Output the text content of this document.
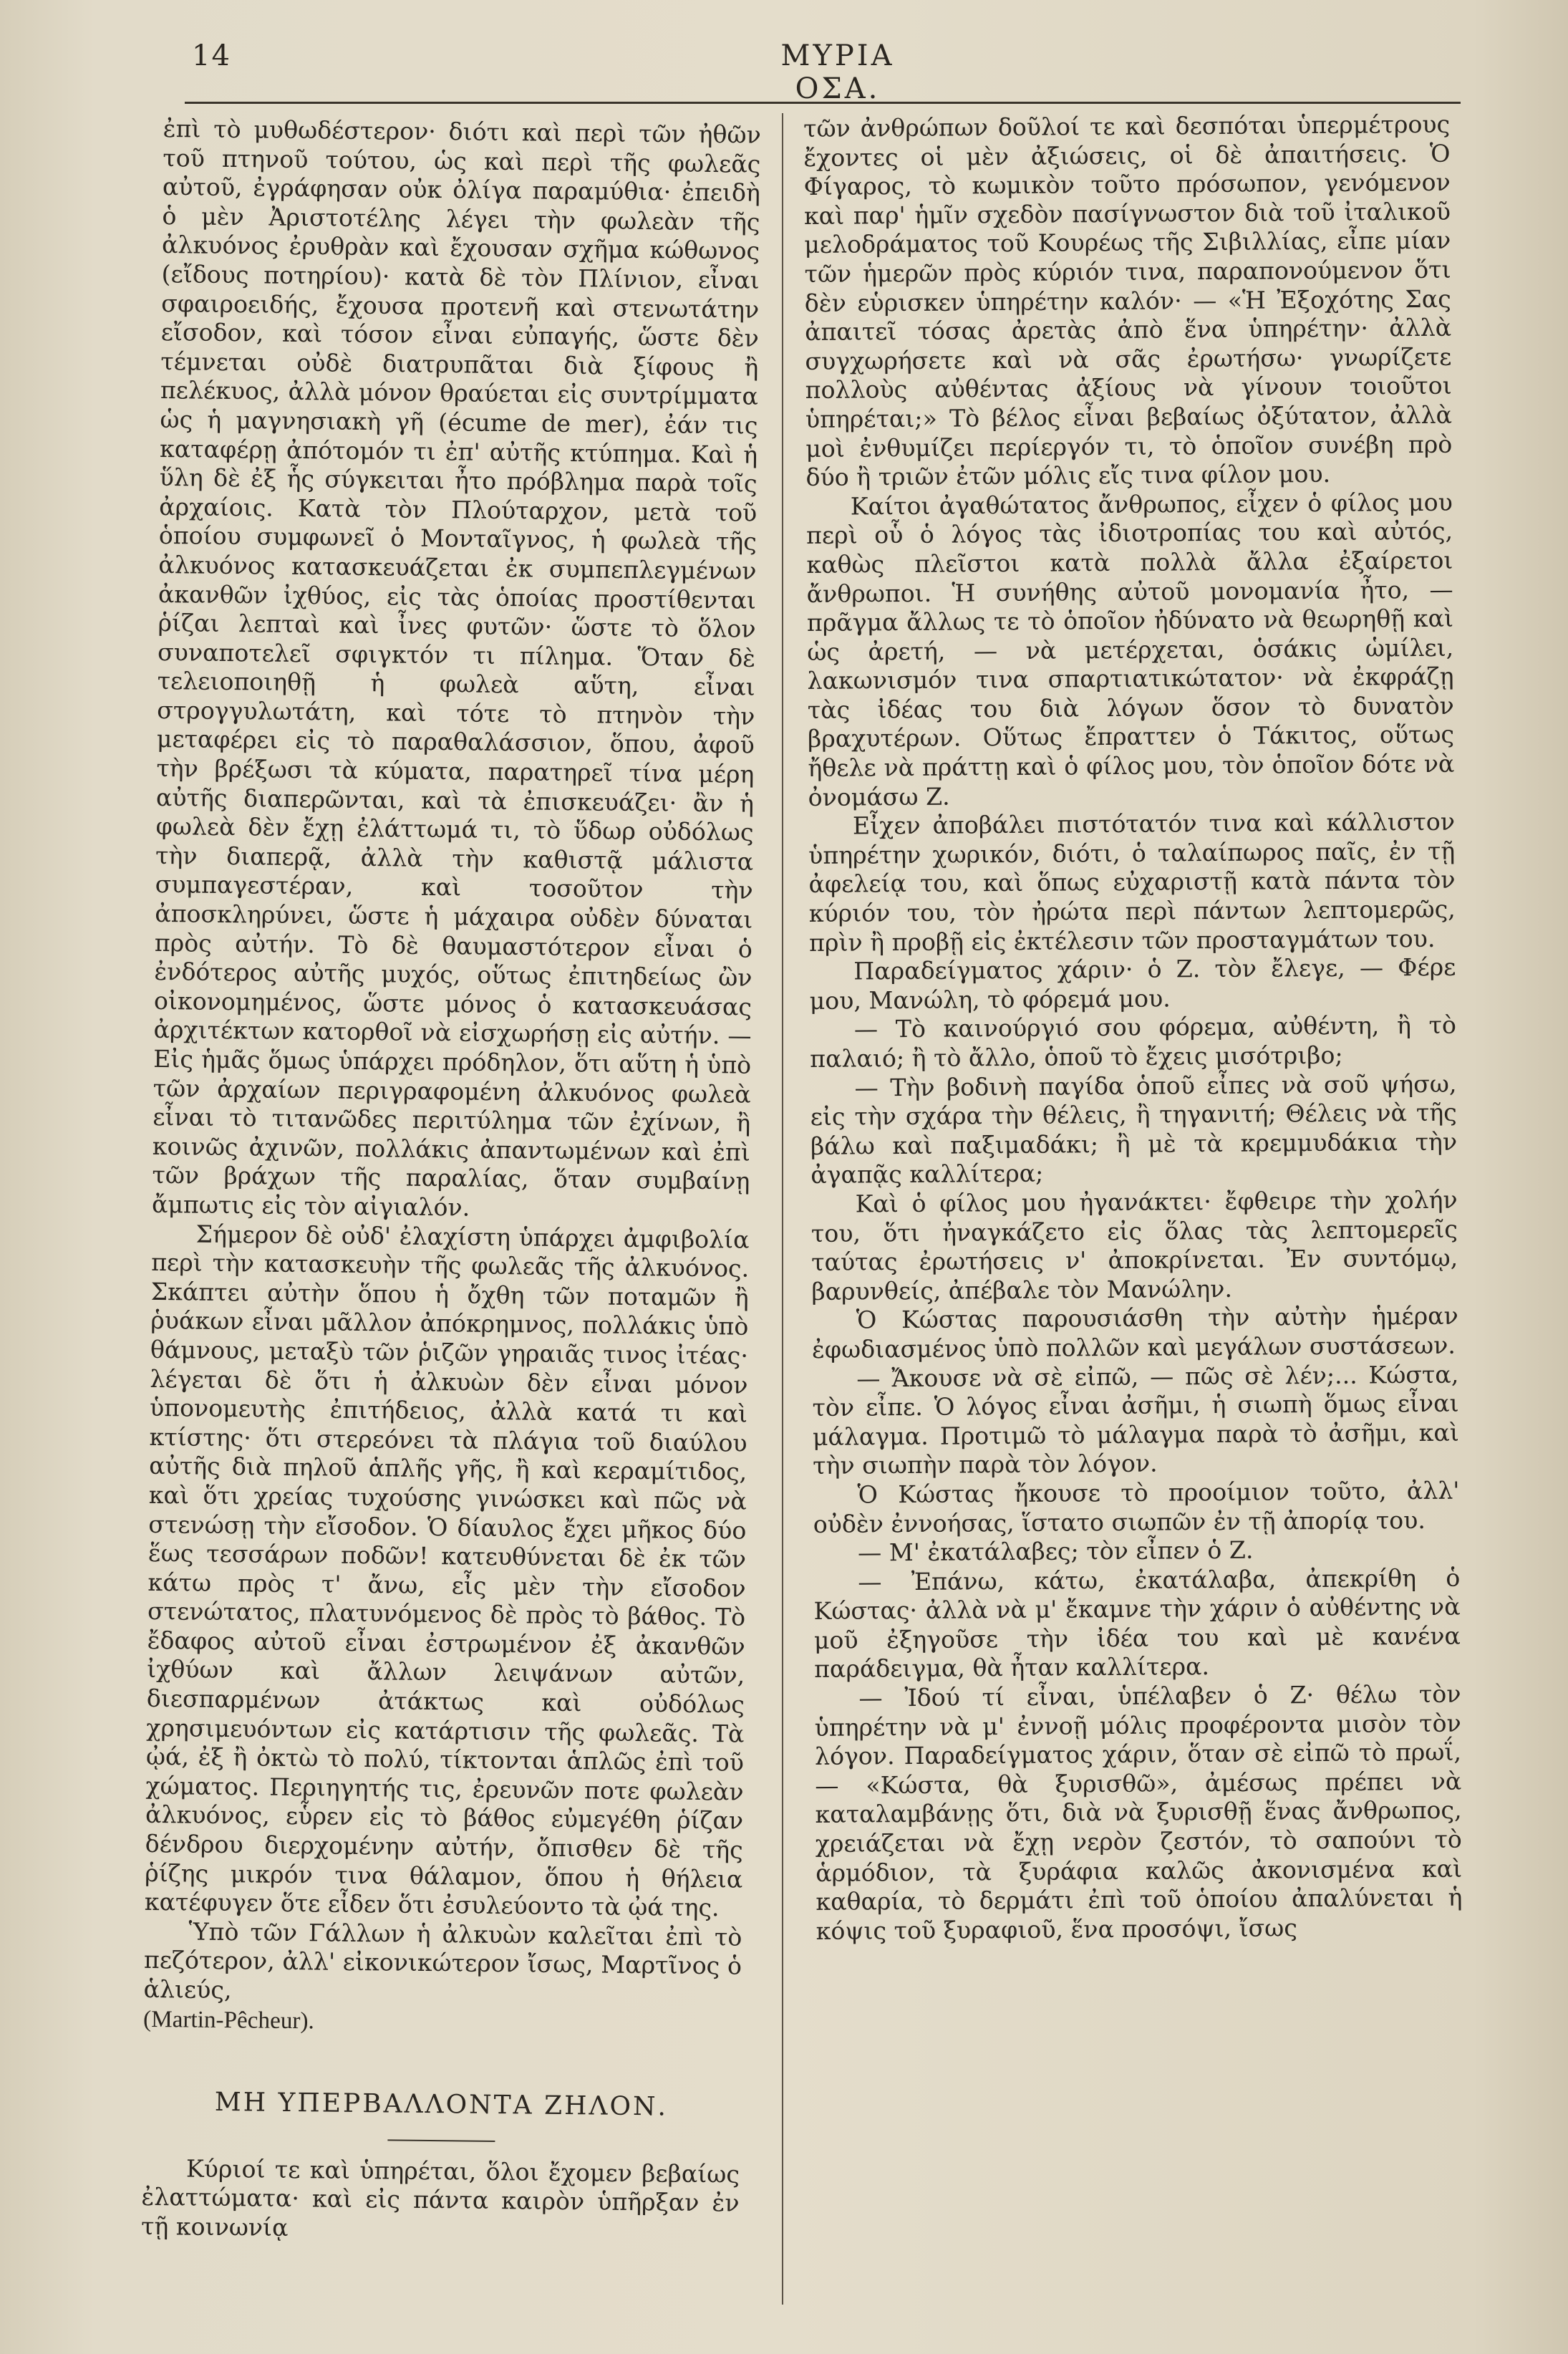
14	ΜΥΡΙΑ ΟΣΑ.

ἐπὶ τὸ μυθωδέστερον· διότι καὶ περὶ τῶν ἠθῶν τοῦ πτηνοῦ τούτου, ὡς καὶ περὶ τῆς φωλεᾶς αὐτοῦ, ἐγράφησαν οὐκ ὀλίγα παραμύθια· ἐπειδὴ ὁ μὲν Ἀριστοτέλης λέγει τὴν φωλεὰν τῆς ἀλκυόνος ἐρυθρὰν καὶ ἔχουσαν σχῆμα κώθωνος (εἴδους ποτηρίου)· κατὰ δὲ τὸν Πλίνιον, εἶναι σφαιροειδής, ἔχουσα προτενῆ καὶ στενωτάτην εἴσοδον, καὶ τόσον εἶναι εὐπαγής, ὥστε δὲν τέμνεται οὐδὲ διατρυπᾶται διὰ ξίφους ἢ πελέκυος, ἀλλὰ μόνον θραύεται εἰς συντρίμματα ὡς ἡ μαγνησιακὴ γῆ (écume de mer), ἐάν τις καταφέρῃ ἀπότομόν τι ἐπ' αὐτῆς κτύπημα. Καὶ ἡ ὕλη δὲ ἐξ ἧς σύγκειται ἦτο πρόβλημα παρὰ τοῖς ἀρχαίοις. Κατὰ τὸν Πλούταρχον, μετὰ τοῦ ὁποίου συμφωνεῖ ὁ Μονταῖγνος, ἡ φωλεὰ τῆς ἀλκυόνος κατασκευάζεται ἐκ συμπεπλεγμένων ἀκανθῶν ἰχθύος, εἰς τὰς ὁποίας προστίθενται ῥίζαι λεπταὶ καὶ ἶνες φυτῶν· ὥστε τὸ ὅλον συναποτελεῖ σφιγκτόν τι πίλημα. Ὅταν δὲ τελειοποιηθῇ ἡ φωλεὰ αὕτη, εἶναι στρογγυλωτάτη, καὶ τότε τὸ πτηνὸν τὴν μεταφέρει εἰς τὸ παραθαλάσσιον, ὅπου, ἀφοῦ τὴν βρέξωσι τὰ κύματα, παρατηρεῖ τίνα μέρη αὐτῆς διαπερῶνται, καὶ τὰ ἐπισκευάζει· ἂν ἡ φωλεὰ δὲν ἔχῃ ἐλάττωμά τι, τὸ ὕδωρ οὐδόλως τὴν διαπερᾷ, ἀλλὰ τὴν καθιστᾷ μάλιστα συμπαγεστέραν, καὶ τοσοῦτον τὴν ἀποσκληρύνει, ὥστε ἡ μάχαιρα οὐδὲν δύναται πρὸς αὐτήν. Τὸ δὲ θαυμαστότερον εἶναι ὁ ἐνδότερος αὐτῆς μυχός, οὕτως ἐπιτηδείως ὢν οἰκονομημένος, ὥστε μόνος ὁ κατασκευάσας ἀρχιτέκτων κατορθοῖ νὰ εἰσχωρήσῃ εἰς αὐτήν. — Εἰς ἡμᾶς ὅμως ὑπάρχει πρόδηλον, ὅτι αὕτη ἡ ὑπὸ τῶν ἀρχαίων περιγραφομένη ἀλκυόνος φωλεὰ εἶναι τὸ τιτανῶδες περιτύλημα τῶν ἐχίνων, ἢ κοινῶς ἀχινῶν, πολλάκις ἀπαντωμένων καὶ ἐπὶ τῶν βράχων τῆς παραλίας, ὅταν συμβαίνῃ ἄμπωτις εἰς τὸν αἰγιαλόν.

Σήμερον δὲ οὐδ' ἐλαχίστη ὑπάρχει ἀμφιβολία περὶ τὴν κατασκευὴν τῆς φωλεᾶς τῆς ἀλκυόνος. Σκάπτει αὐτὴν ὅπου ἡ ὄχθη τῶν ποταμῶν ἢ ῥυάκων εἶναι μᾶλλον ἀπόκρημνος, πολλάκις ὑπὸ θάμνους, μεταξὺ τῶν ῥιζῶν γηραιᾶς τινος ἰτέας· λέγεται δὲ ὅτι ἡ ἀλκυὼν δὲν εἶναι μόνον ὑπονομευτὴς ἐπιτήδειος, ἀλλὰ κατά τι καὶ κτίστης· ὅτι στερεόνει τὰ πλάγια τοῦ διαύλου αὐτῆς διὰ πηλοῦ ἁπλῆς γῆς, ἢ καὶ κεραμίτιδος, καὶ ὅτι χρείας τυχούσης γινώσκει καὶ πῶς νὰ στενώσῃ τὴν εἴσοδον. Ὁ δίαυλος ἔχει μῆκος δύο ἕως τεσσάρων ποδῶν! κατευθύνεται δὲ ἐκ τῶν κάτω πρὸς τ' ἄνω, εἶς μὲν τὴν εἴσοδον στενώτατος, πλατυνόμενος δὲ πρὸς τὸ βάθος. Τὸ ἔδαφος αὐτοῦ εἶναι ἐστρωμένον ἐξ ἀκανθῶν ἰχθύων καὶ ἄλλων λειψάνων αὐτῶν, διεσπαρμένων ἀτάκτως καὶ οὐδόλως χρησιμευόντων εἰς κατάρτισιν τῆς φωλεᾶς. Τὰ ᾠά, ἐξ ἢ ὀκτὼ τὸ πολύ, τίκτονται ἁπλῶς ἐπὶ τοῦ χώματος. Περιηγητής τις, ἐρευνῶν ποτε φωλεὰν ἀλκυόνος, εὗρεν εἰς τὸ βάθος εὐμεγέθη ῥίζαν δένδρου διερχομένην αὐτήν, ὄπισθεν δὲ τῆς ῥίζης μικρόν τινα θάλαμον, ὅπου ἡ θήλεια κατέφυγεν ὅτε εἶδεν ὅτι ἐσυλεύοντο τὰ ᾠά της.

Ὑπὸ τῶν Γάλλων ἡ ἀλκυὼν καλεῖται ἐπὶ τὸ πεζότερον, ἀλλ' εἰκονικώτερον ἴσως, Μαρτῖνος ὁ ἁλιεύς,
(Martin-Pêcheur).

ΜΗ ΥΠΕΡΒΑΛΛΟΝΤΑ ΖΗΛΟΝ.

Κύριοί τε καὶ ὑπηρέται, ὅλοι ἔχομεν βεβαίως ἐλαττώματα· καὶ εἰς πάντα καιρὸν ὑπῆρξαν ἐν τῇ κοινωνίᾳ

τῶν ἀνθρώπων δοῦλοί τε καὶ δεσπόται ὑπερμέτρους ἔχοντες οἱ μὲν ἀξιώσεις, οἱ δὲ ἀπαιτήσεις. Ὁ Φίγαρος, τὸ κωμικὸν τοῦτο πρόσωπον, γενόμενον καὶ παρ' ἡμῖν σχεδὸν πασίγνωστον διὰ τοῦ ἰταλικοῦ μελοδράματος τοῦ Κουρέως τῆς Σιβιλλίας, εἶπε μίαν τῶν ἡμερῶν πρὸς κύριόν τινα, παραπονούμενον ὅτι δὲν εὑρισκεν ὑπηρέτην καλόν· — «Ἡ Ἐξοχότης Σας ἀπαιτεῖ τόσας ἀρετὰς ἀπὸ ἕνα ὑπηρέτην· ἀλλὰ συγχωρήσετε καὶ νὰ σᾶς ἐρωτήσω· γνωρίζετε πολλοὺς αὐθέντας ἀξίους νὰ γίνουν τοιοῦτοι ὑπηρέται;» Τὸ βέλος εἶναι βεβαίως ὀξύτατον, ἀλλὰ μοὶ ἐνθυμίζει περίεργόν τι, τὸ ὁποῖον συνέβη πρὸ δύο ἢ τριῶν ἐτῶν μόλις εἴς τινα φίλον μου.

Καίτοι ἀγαθώτατος ἄνθρωπος, εἶχεν ὁ φίλος μου περὶ οὗ ὁ λόγος τὰς ἰδιοτροπίας του καὶ αὐτός, καθὼς πλεῖστοι κατὰ πολλὰ ἄλλα ἐξαίρετοι ἄνθρωποι. Ἡ συνήθης αὐτοῦ μονομανία ἦτο, — πρᾶγμα ἄλλως τε τὸ ὁποῖον ἠδύνατο νὰ θεωρηθῇ καὶ ὡς ἀρετή, — νὰ μετέρχεται, ὁσάκις ὡμίλει, λακωνισμόν τινα σπαρτιατικώτατον· νὰ ἐκφράζῃ τὰς ἰδέας του διὰ λόγων ὅσον τὸ δυνατὸν βραχυτέρων. Οὕτως ἔπραττεν ὁ Τάκιτος, οὕτως ἤθελε νὰ πράττῃ καὶ ὁ φίλος μου, τὸν ὁποῖον δότε νὰ ὀνομάσω Ζ.

Εἶχεν ἀποβάλει πιστότατόν τινα καὶ κάλλιστον ὑπηρέτην χωρικόν, διότι, ὁ ταλαίπωρος παῖς, ἐν τῇ ἀφελείᾳ του, καὶ ὅπως εὐχαριστῇ κατὰ πάντα τὸν κύριόν του, τὸν ἠρώτα περὶ πάντων λεπτομερῶς, πρὶν ἢ προβῇ εἰς ἐκτέλεσιν τῶν προσταγμάτων του.

Παραδείγματος χάριν· ὁ Ζ. τὸν ἔλεγε, — Φέρε μου, Μανώλη, τὸ φόρεμά μου.

— Τὸ καινούργιό σου φόρεμα, αὐθέντη, ἢ τὸ παλαιό; ἢ τὸ ἄλλο, ὁποῦ τὸ ἔχεις μισότριβο;

— Τὴν βοδινὴ παγίδα ὁποῦ εἶπες νὰ σοῦ ψήσω, εἰς τὴν σχάρα τὴν θέλεις, ἢ τηγανιτή; Θέλεις νὰ τῆς βάλω καὶ παξιμαδάκι; ἢ μὲ τὰ κρεμμυδάκια τὴν ἀγαπᾷς καλλίτερα;

Καὶ ὁ φίλος μου ἠγανάκτει· ἔφθειρε τὴν χολήν του, ὅτι ἠναγκάζετο εἰς ὅλας τὰς λεπτομερεῖς ταύτας ἐρωτήσεις ν' ἀποκρίνεται. Ἐν συντόμῳ, βαρυνθείς, ἀπέβαλε τὸν Μανώλην.

Ὁ Κώστας παρουσιάσθη τὴν αὐτὴν ἡμέραν ἐφωδιασμένος ὑπὸ πολλῶν καὶ μεγάλων συστάσεων.

— Ἄκουσε νὰ σὲ εἰπῶ, — πῶς σὲ λέν;... Κώστα, τὸν εἶπε. Ὁ λόγος εἶναι ἀσῆμι, ἡ σιωπὴ ὅμως εἶναι μάλαγμα. Προτιμῶ τὸ μάλαγμα παρὰ τὸ ἀσῆμι, καὶ τὴν σιωπὴν παρὰ τὸν λόγον.

Ὁ Κώστας ἤκουσε τὸ προοίμιον τοῦτο, ἀλλ' οὐδὲν ἐννοήσας, ἵστατο σιωπῶν ἐν τῇ ἀπορίᾳ του.

— Μ' ἐκατάλαβες; τὸν εἶπεν ὁ Ζ.

— Ἐπάνω, κάτω, ἐκατάλαβα, ἀπεκρίθη ὁ Κώστας· ἀλλὰ νὰ μ' ἔκαμνε τὴν χάριν ὁ αὐθέντης νὰ μοῦ ἐξηγοῦσε τὴν ἰδέα του καὶ μὲ κανένα παράδειγμα, θὰ ἦταν καλλίτερα.

— Ἰδού τί εἶναι, ὑπέλαβεν ὁ Ζ· θέλω τὸν ὑπηρέτην νὰ μ' ἐννοῇ μόλις προφέροντα μισὸν τὸν λόγον. Παραδείγματος χάριν, ὅταν σὲ εἰπῶ τὸ πρωΐ, — «Κώστα, θὰ ξυρισθῶ», ἀμέσως πρέπει νὰ καταλαμβάνῃς ὅτι, διὰ νὰ ξυρισθῇ ἕνας ἄνθρωπος, χρειάζεται νὰ ἔχῃ νερὸν ζεστόν, τὸ σαπούνι τὸ ἁρμόδιον, τὰ ξυράφια καλῶς ἀκονισμένα καὶ καθαρία, τὸ δερμάτι ἐπὶ τοῦ ὁποίου ἀπαλύνεται ἡ κόψις τοῦ ξυραφιοῦ, ἕνα προσόψι, ἴσως
